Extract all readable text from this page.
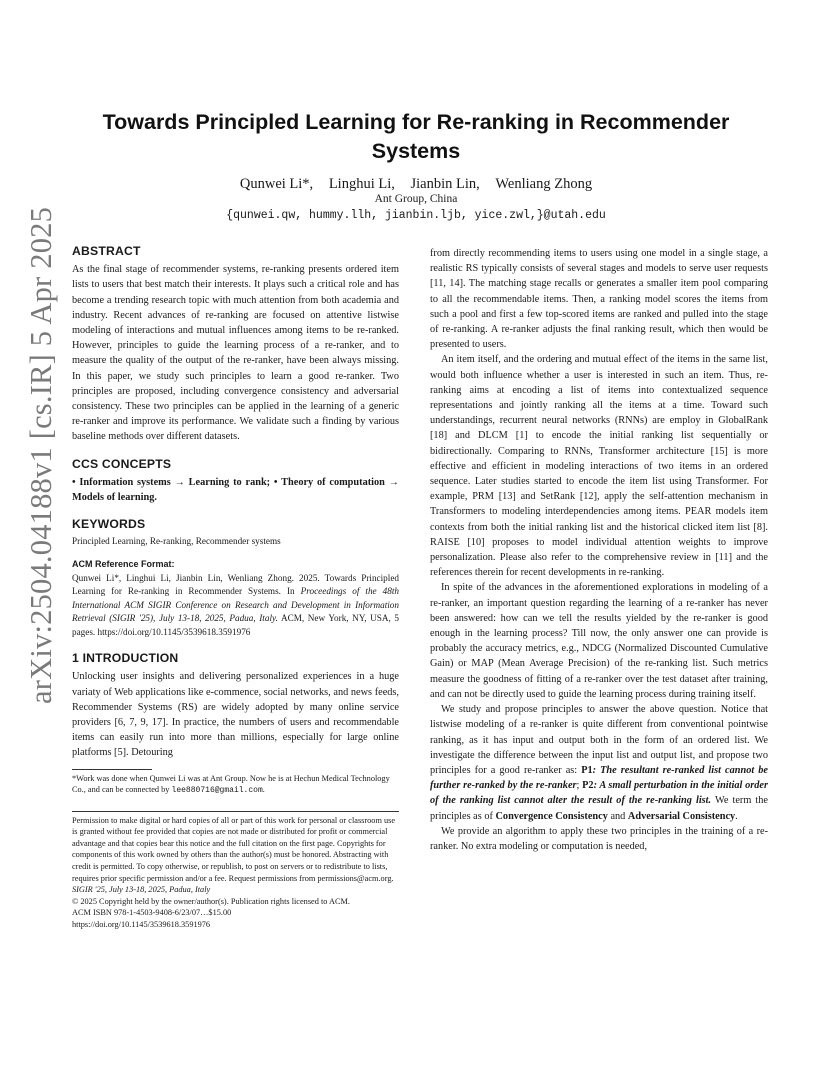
arXiv:2504.04188v1 [cs.IR] 5 Apr 2025
Towards Principled Learning for Re-ranking in Recommender Systems
Qunwei Li*, Linghui Li, Jianbin Lin, Wenliang Zhong
Ant Group, China
{qunwei.qw, hummy.llh, jianbin.ljb, yice.zwl,}@utah.edu
ABSTRACT

As the final stage of recommender systems, re-ranking presents ordered item lists to users that best match their interests. It plays such a critical role and has become a trending research topic with much attention from both academia and industry. Recent advances of re-ranking are focused on attentive listwise modeling of interactions and mutual influences among items to be re-ranked. However, principles to guide the learning process of a re-ranker, and to measure the quality of the output of the re-ranker, have been always missing. In this paper, we study such principles to learn a good re-ranker. Two principles are proposed, including convergence consistency and adversarial consistency. These two principles can be applied in the learning of a generic re-ranker and improve its performance. We validate such a finding by various baseline methods over different datasets.

CCS CONCEPTS

• Information systems → Learning to rank; • Theory of computation → Models of learning.

KEYWORDS

Principled Learning, Re-ranking, Recommender systems

ACM Reference Format:

Qunwei Li*, Linghui Li, Jianbin Lin, Wenliang Zhong. 2025. Towards Principled Learning for Re-ranking in Recommender Systems. In Proceedings of the 48th International ACM SIGIR Conference on Research and Development in Information Retrieval (SIGIR '25), July 13-18, 2025, Padua, Italy. ACM, New York, NY, USA, 5 pages. https://doi.org/10.1145/3539618.3591976

1 INTRODUCTION

Unlocking user insights and delivering personalized experiences in a huge variaty of Web applications like e-commence, social networks, and news feeds, Recommender Systems (RS) are widely adopted by many online service providers [6, 7, 9, 17]. In practice, the numbers of users and recommendable items can easily run into more than millions, especially for large online platforms [5]. Detouring

*Work was done when Qunwei Li was at Ant Group. Now he is at Hechun Medical Technology Co., and can be connected by lee880716@gmail.com.

Permission to make digital or hard copies of all or part of this work for personal or classroom use is granted without fee provided that copies are not made or distributed for profit or commercial advantage and that copies bear this notice and the full citation on the first page. Copyrights for components of this work owned by others than the author(s) must be honored. Abstracting with credit is permitted. To copy otherwise, or republish, to post on servers or to redistribute to lists, requires prior specific permission and/or a fee. Request permissions from permissions@acm.org.
SIGIR '25, July 13-18, 2025, Padua, Italy
© 2025 Copyright held by the owner/author(s). Publication rights licensed to ACM.
ACM ISBN 978-1-4503-9408-6/23/07…$15.00
https://doi.org/10.1145/3539618.3591976

from directly recommending items to users using one model in a single stage, a realistic RS typically consists of several stages and models to serve user requests [11, 14]. The matching stage recalls or generates a smaller item pool comparing to all the recommendable items. Then, a ranking model scores the items from such a pool and first a few top-scored items are ranked and pulled into the stage of re-ranking. A re-ranker adjusts the final ranking result, which then would be presented to users.

An item itself, and the ordering and mutual effect of the items in the same list, would both influence whether a user is interested in such an item. Thus, re-ranking aims at encoding a list of items into contextualized sequence representations and jointly ranking all the items at a time. Toward such understandings, recurrent neural networks (RNNs) are employ in GlobalRank [18] and DLCM [1] to encode the initial ranking list sequentially or bidirectionally. Comparing to RNNs, Transformer architecture [15] is more effective and efficient in modeling interactions of two items in an ordered sequence. Later studies started to encode the item list using Transformer. For example, PRM [13] and SetRank [12], apply the self-attention mechanism in Transformers to modeling interdependencies among items. PEAR models item contexts from both the initial ranking list and the historical clicked item list [8]. RAISE [10] proposes to model individual attention weights to improve personalization. Please also refer to the comprehensive review in [11] and the references therein for recent developments in re-ranking.

In spite of the advances in the aforementioned explorations in modeling of a re-ranker, an important question regarding the learning of a re-ranker has never been answered: how can we tell the results yielded by the re-ranker is good enough in the learning process? Till now, the only answer one can provide is probably the accuracy metrics, e.g., NDCG (Normalized Discounted Cumulative Gain) or MAP (Mean Average Precision) of the re-ranking list. Such metrics measure the goodness of fitting of a re-ranker over the test dataset after training, and can not be directly used to guide the learning process during training itself.

We study and propose principles to answer the above question. Notice that listwise modeling of a re-ranker is quite different from conventional pointwise ranking, as it has input and output both in the form of an ordered list. We investigate the difference between the input list and output list, and propose two principles for a good re-ranker as: P1: The resultant re-ranked list cannot be further re-ranked by the re-ranker; P2: A small perturbation in the initial order of the ranking list cannot alter the result of the re-ranking list. We term the principles as of Convergence Consistency and Adversarial Consistency.

We provide an algorithm to apply these two principles in the training of a re-ranker. No extra modeling or computation is needed,
